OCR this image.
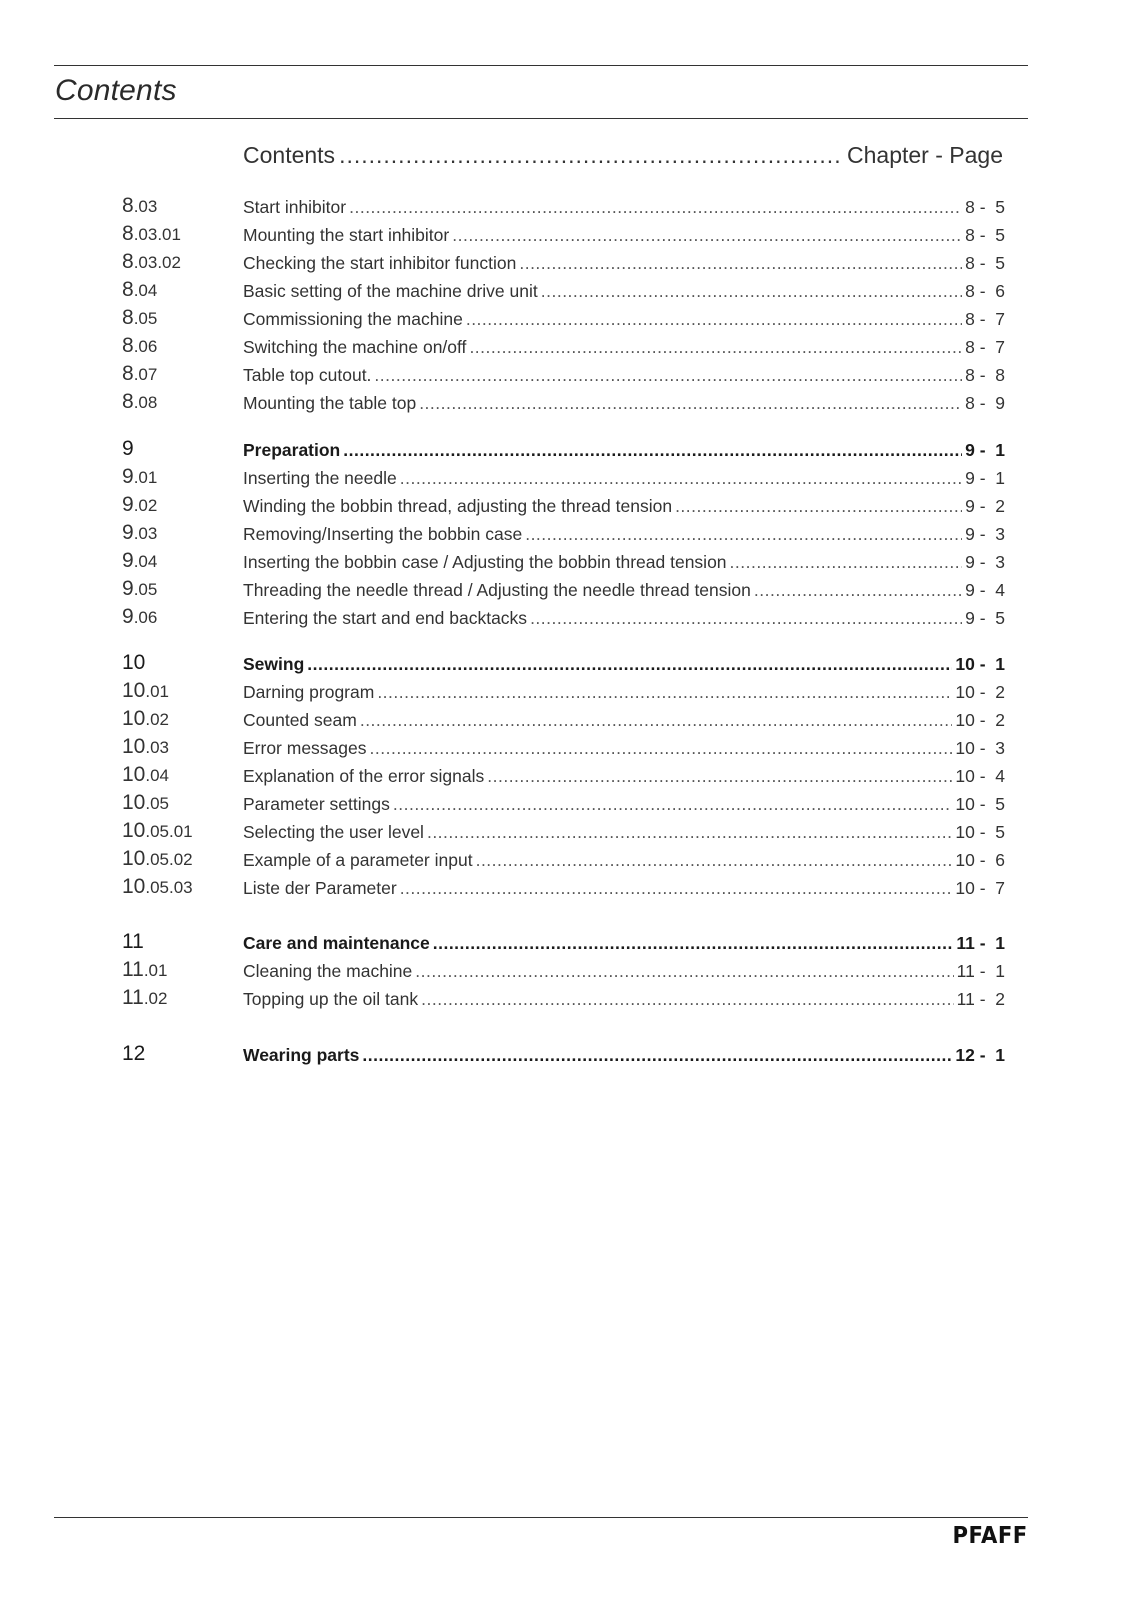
Contents
Contents .....	Chapter - Page
8.03	Start inhibitor .....	8 -  5
8.03.01	Mounting the start inhibitor .....	8 -  5
8.03.02	Checking the start inhibitor function .....	8 -  5
8.04	Basic setting of the machine drive unit .....	8 -  6
8.05	Commissioning the machine .....	8 -  7
8.06	Switching the machine on/off .....	8 -  7
8.07	Table top cutout. .....	8 -  8
8.08	Mounting the table top .....	8 -  9
9	Preparation .....	9 -  1
9.01	Inserting the needle .....	9 -  1
9.02	Winding the bobbin thread, adjusting the thread tension .....	9 -  2
9.03	Removing/Inserting the bobbin case .....	9 -  3
9.04	Inserting the bobbin case / Adjusting the bobbin thread tension .....	9 -  3
9.05	Threading the needle thread / Adjusting the needle thread tension .....	9 -  4
9.06	Entering the start and end backtacks .....	9 -  5
10	Sewing .....	10 -  1
10.01	Darning program .....	10 -  2
10.02	Counted seam .....	10 -  2
10.03	Error messages .....	10 -  3
10.04	Explanation of the error signals .....	10 -  4
10.05	Parameter settings .....	10 -  5
10.05.01	Selecting the user level .....	10 -  5
10.05.02	Example of a parameter input .....	10 -  6
10.05.03	Liste der Parameter .....	10 -  7
11	Care and maintenance .....	11 -  1
11.01	Cleaning the machine .....	11 -  1
11.02	Topping up the oil tank .....	11 -  2
12	Wearing parts .....	12 -  1
PFAFF
